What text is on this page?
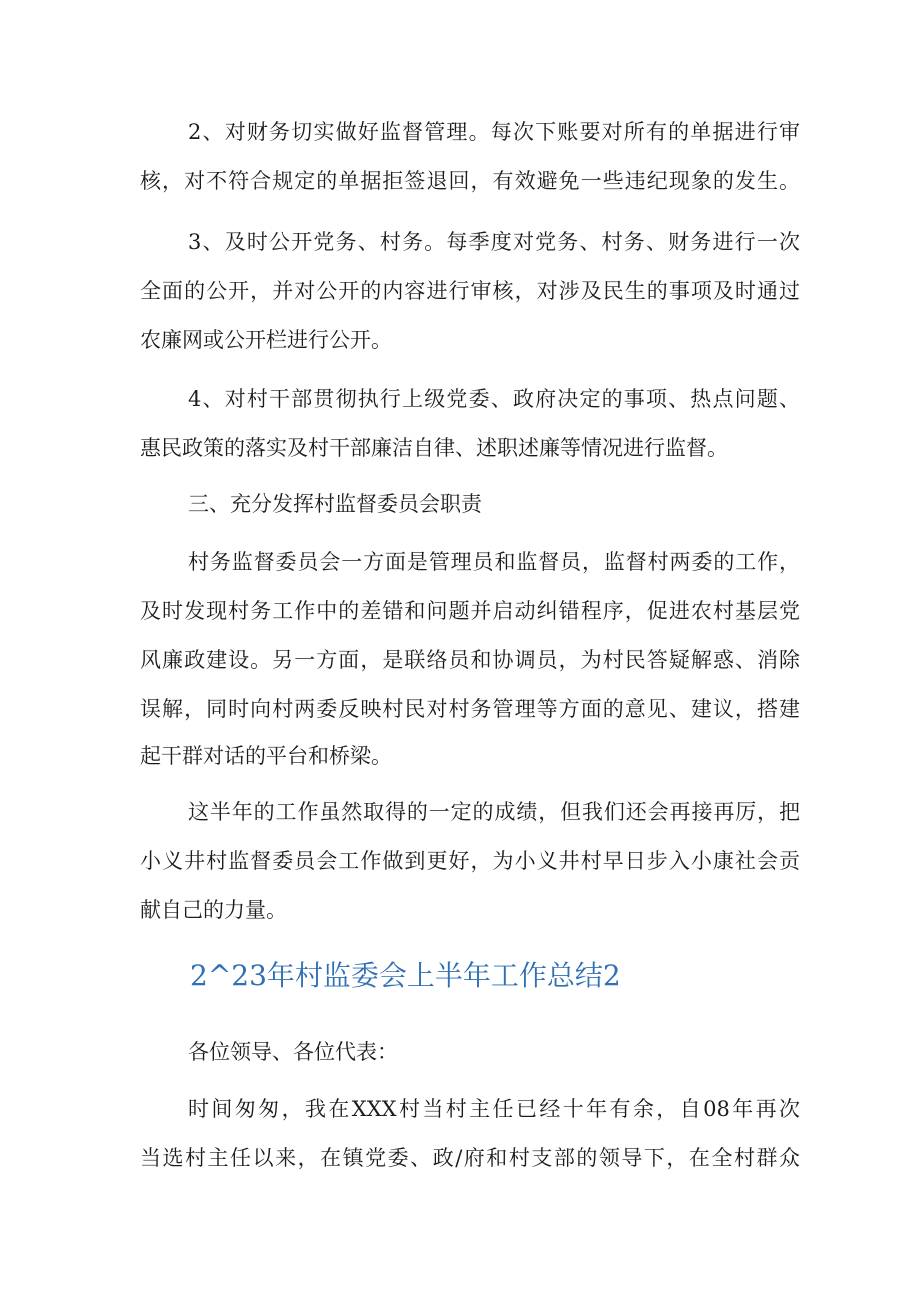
2、对财务切实做好监督管理。每次下账要对所有的单据进行审
核，对不符合规定的单据拒签退回，有效避免一些违纪现象的发生。
3、及时公开党务、村务。每季度对党务、村务、财务进行一次
全面的公开，并对公开的内容进行审核，对涉及民生的事项及时通过
农廉网或公开栏进行公开。
4、对村干部贯彻执行上级党委、政府决定的事项、热点问题、
惠民政策的落实及村干部廉洁自律、述职述廉等情况进行监督。
三、充分发挥村监督委员会职责
村务监督委员会一方面是管理员和监督员，监督村两委的工作，
及时发现村务工作中的差错和问题并启动纠错程序，促进农村基层党
风廉政建设。另一方面，是联络员和协调员，为村民答疑解惑、消除
误解，同时向村两委反映村民对村务管理等方面的意见、建议，搭建
起干群对话的平台和桥梁。
这半年的工作虽然取得的一定的成绩，但我们还会再接再厉，把
小义井村监督委员会工作做到更好，为小义井村早日步入小康社会贡
献自己的力量。
2^23年村监委会上半年工作总结2
各位领导、各位代表：
时间匆匆，我在XXX村当村主任已经十年有余，自08年再次
当选村主任以来，在镇党委、政/府和村支部的领导下，在全村群众
